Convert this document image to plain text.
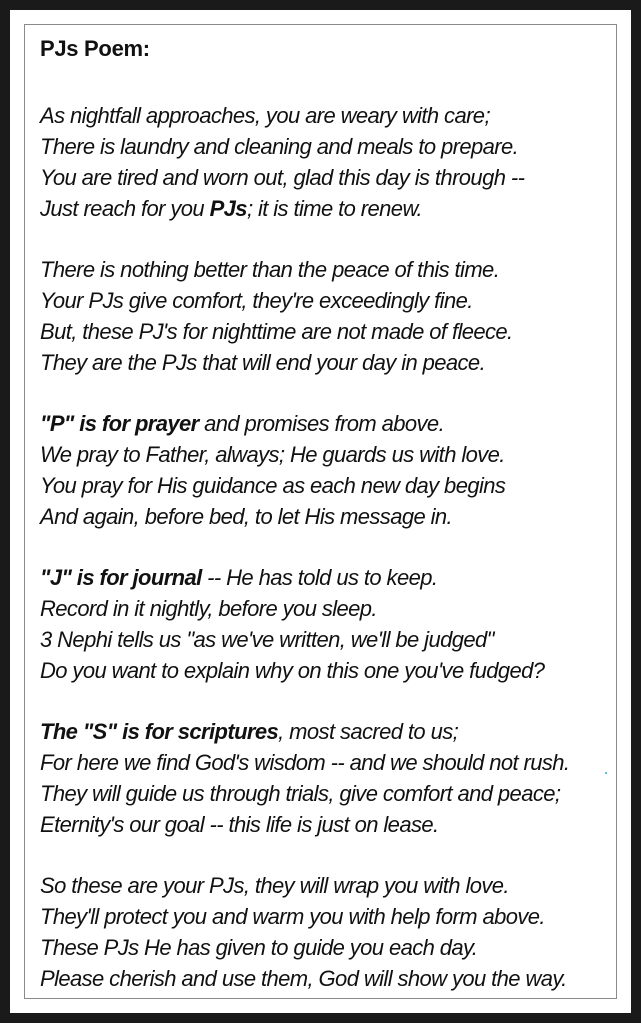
PJs Poem:
As nightfall approaches, you are weary with care;
There is laundry and cleaning and meals to prepare.
You are tired and worn out, glad this day is through --
Just reach for you PJs; it is time to renew.
There is nothing better than the peace of this time.
Your PJs give comfort, they're exceedingly fine.
But, these PJ's for nighttime are not made of fleece.
They are the PJs that will end your day in peace.
"P" is for prayer and promises from above.
We pray to Father, always; He guards us with love.
You pray for His guidance as each new day begins
And again, before bed, to let His message in.
"J" is for journal -- He has told us to keep.
Record in it nightly, before you sleep.
3 Nephi tells us "as we've written, we'll be judged"
Do you want to explain why on this one you've fudged?
The "S" is for scriptures, most sacred to us;
For here we find God's wisdom -- and we should not rush.
They will guide us through trials, give comfort and peace;
Eternity's our goal -- this life is just on lease.
So these are your PJs, they will wrap you with love.
They'll protect you and warm you with help form above.
These PJs He has given to guide you each day.
Please cherish and use them, God will show you the way.
